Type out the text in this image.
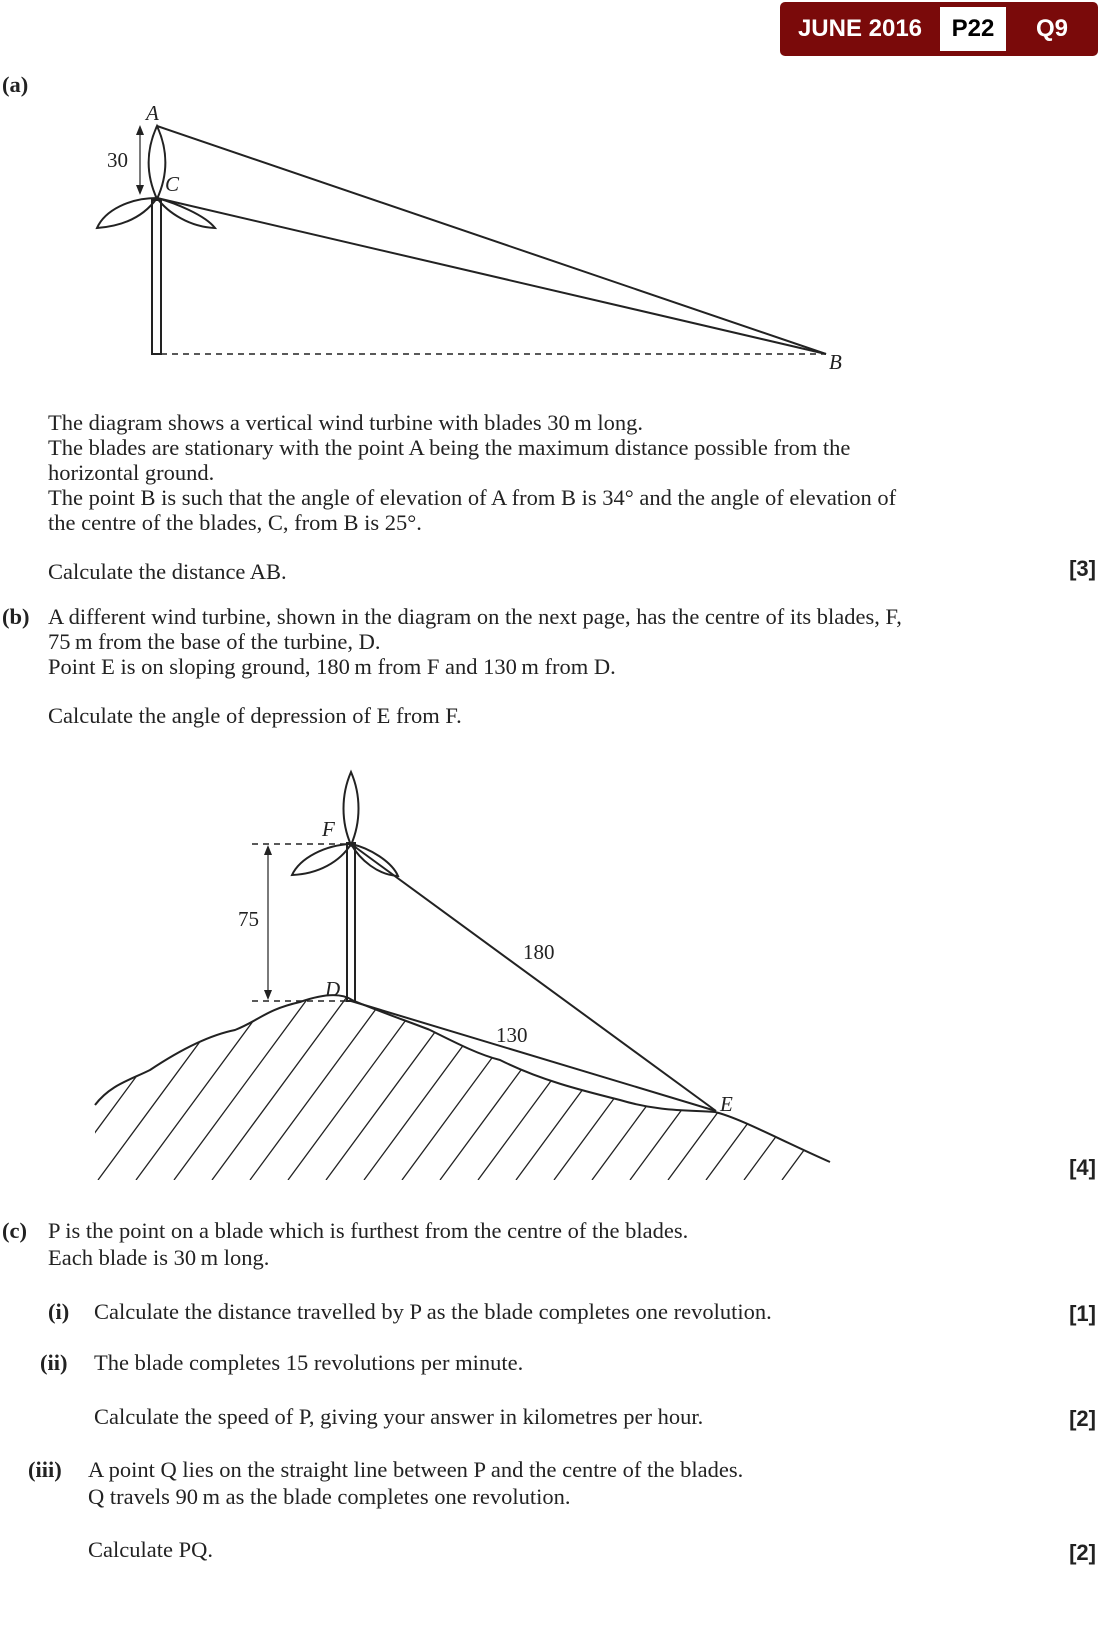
JUNE 2016	P22	Q9
(a)
A
C
B
30
F
D
E
75
180
130
The diagram shows a vertical wind turbine with blades 30 m long.
The blades are stationary with the point A being the maximum distance possible from the
horizontal ground.
The point B is such that the angle of elevation of A from B is 34° and the angle of elevation of
the centre of the blades, C, from B is 25°.
Calculate the distance AB.	[3]
(b) A different wind turbine, shown in the diagram on the next page, has the centre of its blades, F,
75 m from the base of the turbine, D.
Point E is on sloping ground, 180 m from F and 130 m from D.
Calculate the angle of depression of E from F.
[4]
(c) P is the point on a blade which is furthest from the centre of the blades.
Each blade is 30 m long.
(i) Calculate the distance travelled by P as the blade completes one revolution.	[1]
(ii) The blade completes 15 revolutions per minute.
Calculate the speed of P, giving your answer in kilometres per hour.	[2]
(iii) A point Q lies on the straight line between P and the centre of the blades.
Q travels 90 m as the blade completes one revolution.
Calculate PQ.	[2]
